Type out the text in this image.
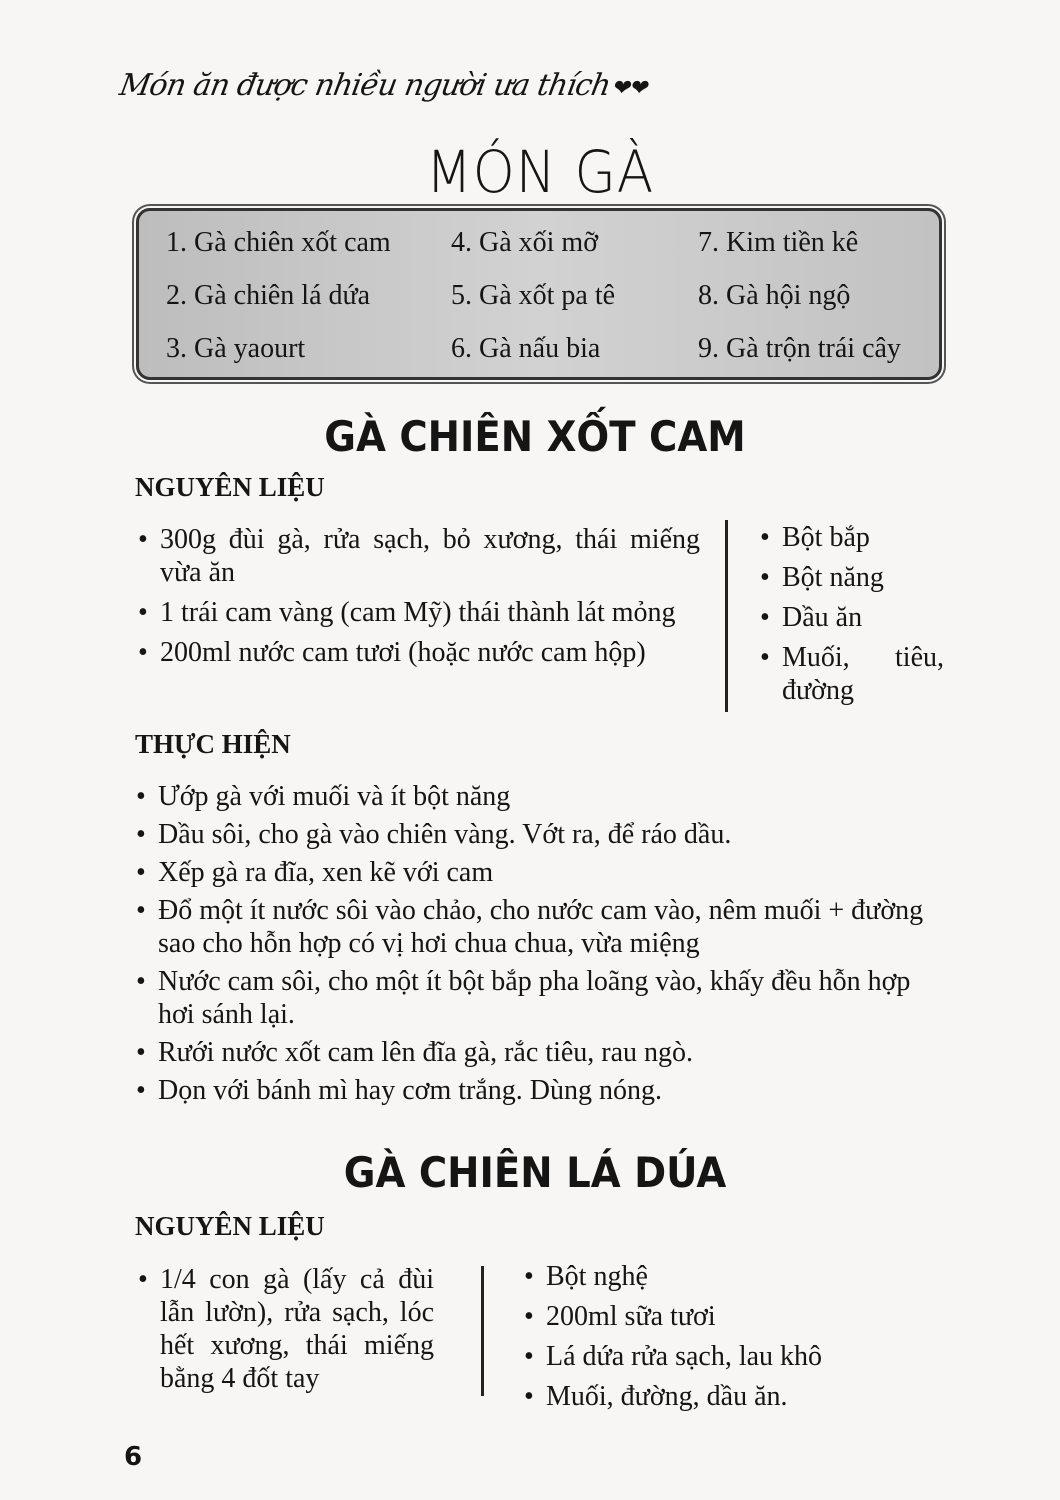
Món ăn được nhiều người ưa thích❤❤
MÓN GÀ
1. Gà chiên xốt cam
2. Gà chiên lá dứa
3. Gà yaourt
4. Gà xối mỡ
5. Gà xốt pa tê
6. Gà nấu bia
7. Kim tiền kê
8. Gà hội ngộ
9. Gà trộn trái cây
GÀ CHIÊN XỐT CAM
NGUYÊN LIỆU
• 300g đùi gà, rửa sạch, bỏ xương, thái miếng vừa ăn
• 1 trái cam vàng (cam Mỹ) thái thành lát mỏng
• 200ml nước cam tươi (hoặc nước cam hộp)
• Bột bắp
• Bột năng
• Dầu ăn
• Muối, tiêu, đường
THỰC HIỆN
• Ướp gà với muối và ít bột năng
• Dầu sôi, cho gà vào chiên vàng. Vớt ra, để ráo dầu.
• Xếp gà ra đĩa, xen kẽ với cam
• Đổ một ít nước sôi vào chảo, cho nước cam vào, nêm muối + đường sao cho hỗn hợp có vị hơi chua chua, vừa miệng
• Nước cam sôi, cho một ít bột bắp pha loãng vào, khấy đều hỗn hợp hơi sánh lại.
• Rưới nước xốt cam lên đĩa gà, rắc tiêu, rau ngò.
• Dọn với bánh mì hay cơm trắng. Dùng nóng.
GÀ CHIÊN LÁ DÚA
NGUYÊN LIỆU
• 1/4 con gà (lấy cả đùi lẫn lườn), rửa sạch, lóc hết xương, thái miếng bằng 4 đốt tay
• Bột nghệ
• 200ml sữa tươi
• Lá dứa rửa sạch, lau khô
• Muối, đường, dầu ăn.
6
